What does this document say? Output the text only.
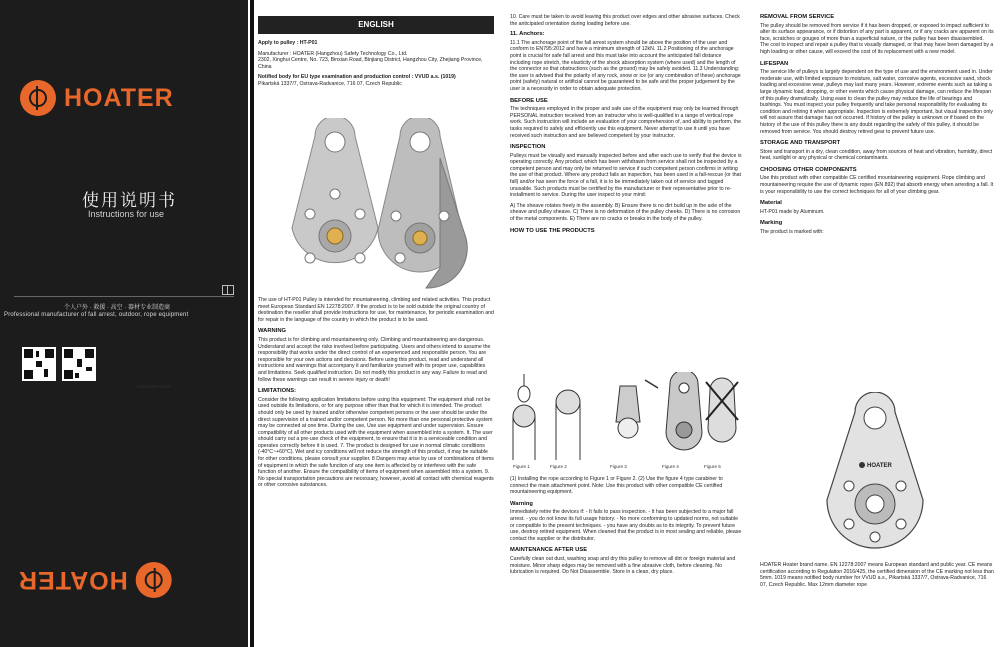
HOATER
使用说明书
Instructions for use
个人户外 · 救援 · 高空 · 器材专业制造商
Professional manufacturer of fall arrest, outdoor, rope equipment
HOATER
ENGLISH

Apply to pulley : HT-P01

Manufacturer : HOATER (Hangzhou) Safety Technology Co., Ltd.

2302, Xinghui Centre, No. 723, Binxian Road, Binjiang District, Hangzhou City, Zhejiang Province, China

Notified body for EU type examination and production control : VVUD a.s. (1019)

Pikartská 1337/7, Ostrava-Radvanice, 716 07, Czech Republic

The use of HT-P01 Pulley is intended for mountaineering, climbing and related activities. This product meet European Standard EN 12278:2007. If the product is to be sold outside the original country of destination the reseller shall provide instructions for use, for maintenance, for periodic examination and for repair in the language of the country in which the product is to be used.

WARNING

This product is for climbing and mountaineering only. Climbing and mountaineering are dangerous. Understand and accept the risks involved before participating. Users and others intend to assume the responsibility that works under the direct control of an experienced and responsible person. You are responsible for your own actions and decisions. Before using this product, read and understand all instructions and warnings that accompany it and familiarize yourself with its proper use, capabilities and limitations. Seek qualified instruction. Do not modify this product in any way. Failure to read and follow these warnings can result in severe injury or death!

LIMITATIONS:

Consider the following application limitations before using this equipment: The equipment shall not be used outside its limitations, or for any purpose other than that for which it is intended. The product should only be used by trained and/or otherwise competent persons or the user should be under the direct supervision of a trained and/or competent person. No more than one personal protective system may be connected at one time. During the use, Use use equipment and under supervision. Ensure compatibility of all other products used with the equipment when assembled into a system. It. The user should carry out a pre-use check of the equipment, to ensure that it is in a serviceable condition and operates correctly before it is used. 7. The product is designed for use in normal climatic conditions (-40°C~+60°C). Wet and icy conditions will not reduce the strength of this product, it may be suitable for other conditions, please consult your supplier. 8 Dangers may arise by use of combinations of items of equipment in which the safe function of any one item is affected by or interferes with the safe function of another. Ensure the compatibility of items of equipment when assembled into a system. 9. No special transportation precautions are necessary, however, avoid all contact with chemical reagents or other corrosive substances.

10. Care must be taken to avoid leaving this product over edges and other abrasive surfaces. Check the anticipated orientation during loading before use.

11. Anchors:

11.1 The anchorage point of the fall arrest system should be above the position of the user and conform to EN795:2012 and have a minimum strength of 12kN. 11.2 Positioning of the anchorage point is crucial for safe fall arrest and this must take into account the anticipated fall distance including rope stretch, the elasticity of the shock absorption system (where used) and the length of the connector so that obstructions (such as the ground) may be safely avoided. 11.3 Understanding: the user is advised that the polarity of any rock, snow or ice (or any combination of these) anchorage point (safety) natural or artificial cannot be guaranteed to be safe and the proper judgement by the user is a necessity in order to obtain adequate protection.

BEFORE USE

The techniques employed in the proper and safe use of the equipment may only be learned through PERSONAL instruction received from an instructor who is well-qualified in a range of vertical rope work. Such instruction will include an evaluation of your comprehension of, and ability to perform, the tasks required to safely and efficiently use this equipment. Never attempt to use it until you have received such instruction and are believed competent by your instructor.

INSPECTION

Pulleys must be visually and manually inspected before and after each use to verify that the device is operating correctly. Any product which has been withdrawn from service shall not be inspected by a competent person and may only be returned to service if such competent person confirms in writing the use of that product. Where any product fails an inspection, has been used in a fall-rescue (or that fall) and/or has seen the force of a fall, it is to be immediately taken out of service and tagged unusable. Such products must be certified by the manufacturer or their representative prior to re-installment to service. During the user inspect to your mind:

A) The sheave rotates freely in the assembly. B) Ensure there is no dirt build up in the axle of the sheave and pulley sheave. C) There is no deformation of the pulley cheeks. D) There is no corrosion of the metal components. E) There are no cracks or breaks in the body of the pulley.

HOW TO USE THE PRODUCTS
Attachment point
Figure 1	Figure 2	Figure 3	Figure 4	Figure 5

(1) Installing the rope according to Figure 1 or Figure 2. (2) Use the figure 4 type carabiner to connect the main attachment point. Note: Use this product with other compatible CE certified mountaineering equipment.

Warning

Immediately retire the devices if: - It fails to pass inspection. - It has been subjected to a major fall arrest. - you do not know its full usage history. - No more conforming to updated norms, not suitable or compatible to the present techniques. - you have any doubts as to its integrity. To prevent future use, destroy retired equipment. When cleaned that the product is in most sealing and reliable, please contact the supplier or the distributor.

MAINTENANCE AFTER USE

Carefully clean out dust, washing soap and dry this pulley to remove all dirt or foreign material and moisture. Minor sharp edges may be removed with a fine abrasive cloth, before cleaning. No lubrication is required. Do Not Disassemble. Store in a clean, dry place.

REMOVAL FROM SERVICE

The pulley should be removed from service if it has been dropped, or exposed to impact sufficient to alter its surface appearance, or if distortion of any part is apparent, or if any cracks are apparent on its face, scratches or gouges of more than a superficial nature, or the pulley has been disassembled. The cost to inspect and repair a pulley that is visually damaged, or that may have been damaged by a high loading or other cause, will exceed the cost of its replacement with a new model.

LIFESPAN

The service life of pulleys is largely dependent on the type of use and the environment used in. Under moderate use, with limited exposure to moisture, salt water, corrosive agents, excessive sand, shock loading and excessive wear, pulleys may last many years. However, extreme events such as taking a large dynamic load, dropping, or other events which cause physical damage, can reduce the lifespan of this pulley dramatically. Using ease to clean the pulley may reduce the life of bearings and bushings. You must inspect your pulley frequently and take personal responsibility for evaluating its condition and retiring it when appropriate. Inspection is extremely important, but visual inspection only will not assure that damage has not occurred. If history of the pulley is unknown or if based on the history of the use of this pulley there is any doubt regarding the safety of this pulley, it should be removed from service. You should destroy retired gear to prevent future use.

STORAGE AND TRANSPORT

Store and transport in a dry, clean condition, away from sources of heat and vibration, humidity, direct heat, sunlight or any physical or chemical contaminants.

CHOOSING OTHER COMPONENTS

Use this product with other compatible CE certified mountaineering equipment. Rope climbing and mountaineering require the use of dynamic ropes (EN 892) that absorb energy when arresting a fall. It is your responsibility to use the correct techniques for all of your climbing gear.

Material

HT-P01 made by Aluminum.

Marking

The product is marked with:

HOATER

HOATER Hoater brand name. EN 12278:2007 means European standard and public year. CE means certification according to Regulation 2016/425, the certified dimension of the CE marking not less than 5mm. 1019 means notified body number for VVUD a.s., Pikartská 1337/7, Ostrava-Radvanice, 716 07, Czech Republic. Max 12mm diameter rope
